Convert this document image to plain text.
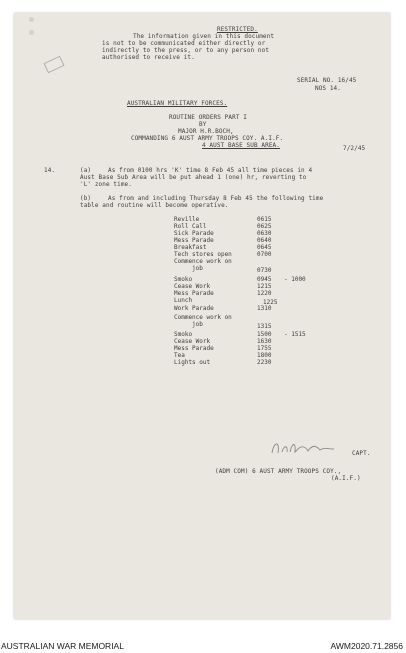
RESTRICTED.
The information given in this document
is not to be communicated either directly or
indirectly to the press, or to any person not
authorised to receive it.
SERIAL NO. 16/45
NOS 14.
AUSTRALIAN MILITARY FORCES.
ROUTINE ORDERS PART I
BY
MAJOR H.R.BOCH,
COMMANDING 6 AUST ARMY TROOPS COY. A.I.F.
4 AUST BASE SUB AREA.	7/2/45
14.	(a)	As from 0100 hrs 'K' time 8 Feb 45 all time pieces in 4
Aust Base Sub Area will be put ahead 1 (one) hr, reverting to
'L' zone time.
(b)	As from and including Thursday 8 Feb 45 the following time
table and routine will become operative.
Reville	0615
Roll Call	0625
Sick Parade	0630
Mess Parade	0640
Breakfast	0645
Tech stores open	0700
Commence work on
job	0730
Smoko	0945 - 1000
Cease Work	1215
Mess Parade	1220
Lunch	1225
Work Parade	1310
Commence work on
job	1315
Smoko	1500 - 1515
Cease Work	1630
Mess Parade	1755
Tea	1800
Lights out	2230
CAPT.
(ADM COM) 6 AUST ARMY TROOPS COY.,
(A.I.F.)
AUSTRALIAN WAR MEMORIAL	AWM2020.71.2856
